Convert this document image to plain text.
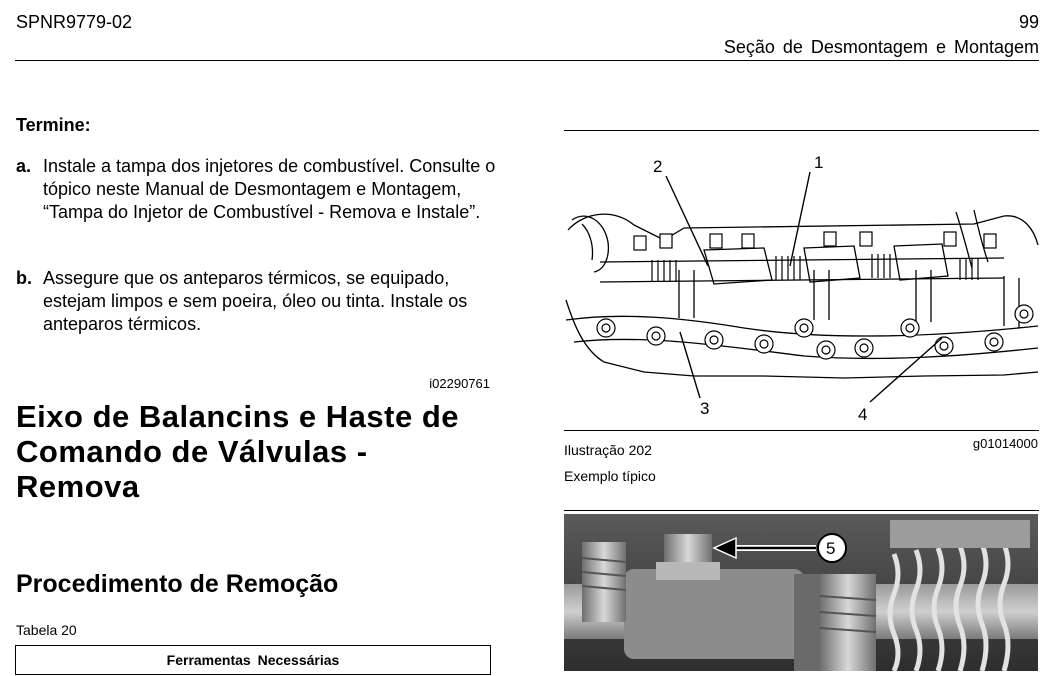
SPNR9779-02	99
Seção de Desmontagem e Montagem
Termine:
a. Instale a tampa dos injetores de combustível. Consulte o tópico neste Manual de Desmontagem e Montagem, “Tampa do Injetor de Combustível - Remova e Instale”.
b. Assegure que os anteparos térmicos, se equipado, estejam limpos e sem poeira, óleo ou tinta. Instale os anteparos térmicos.
i02290761
Eixo de Balancins e Haste de Comando de Válvulas - Remova
Procedimento de Remoção
Tabela 20
Ferramentas Necessárias
1
2
3	4
Ilustração 202	g01014000
Exemplo típico
5
